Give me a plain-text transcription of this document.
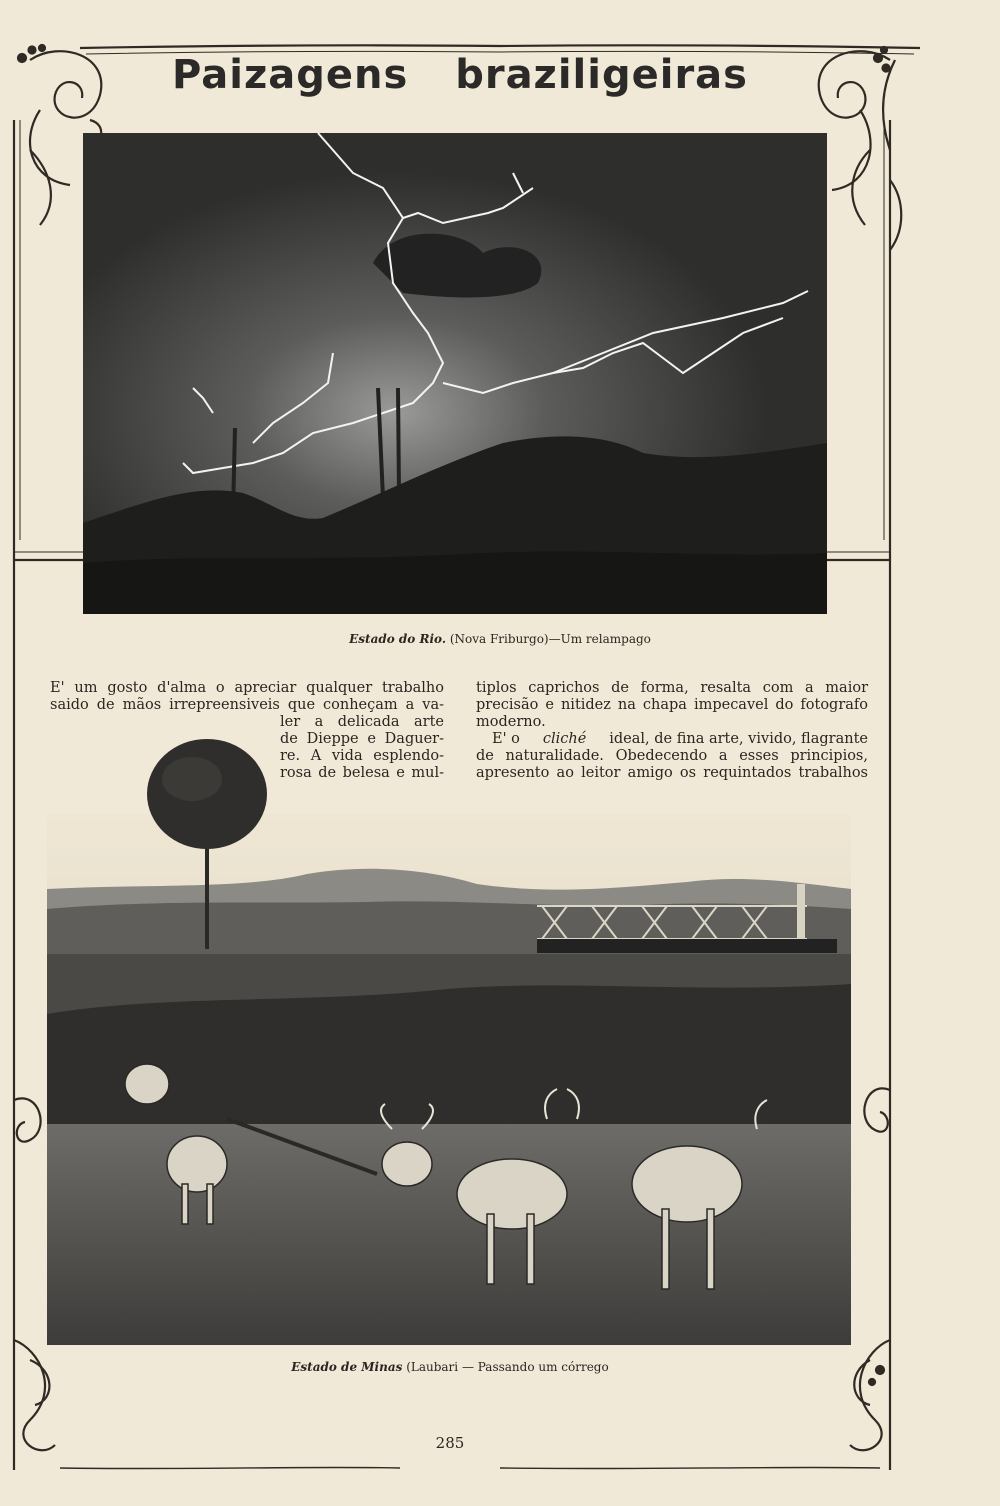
Paizagens braziligeiras
Estado do Rio. (Nova Friburgo)—Um relampago
E' um gosto d'alma o apreciar qualquer trabalho
saido de mãos irrepreensiveis que conheçam a va-
ler a delicada arte
de Dieppe e Daguer-
re. A vida esplendo-
rosa de belesa e mul-
tiplos caprichos de forma, resalta com a maior
precisão e nitidez na chapa impecavel do fotografo
moderno.
E' o cliché ideal, de fina arte, vivido, flagrante
de naturalidade. Obedecendo a esses principios,
apresento ao leitor amigo os requintados trabalhos
Estado de Minas (Laubari — Passando um córrego
285
